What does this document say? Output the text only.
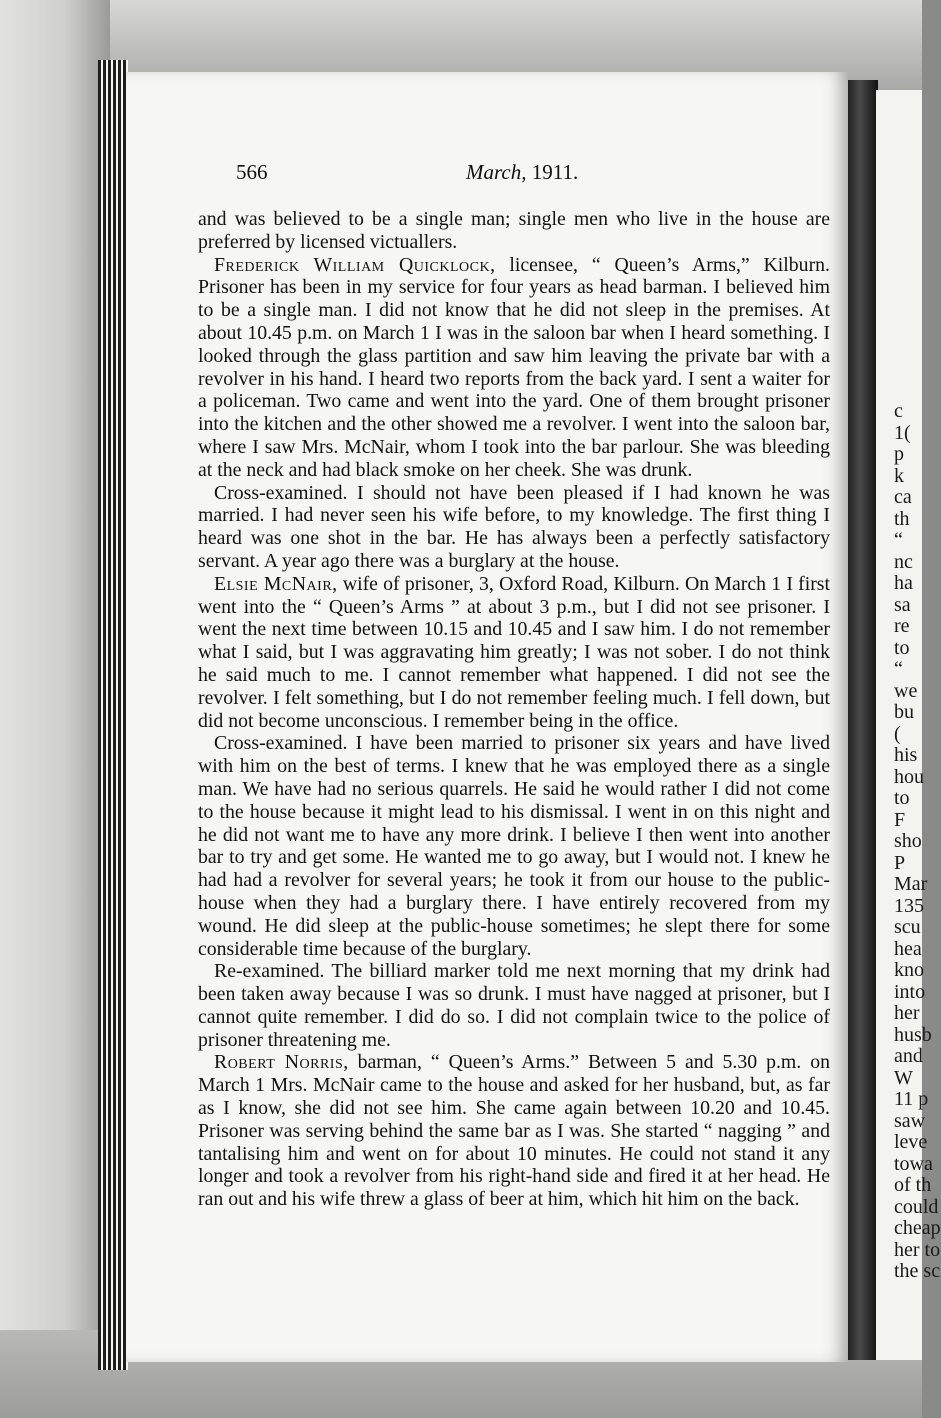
c
1(
p
k
ca
th
“
nc
ha
sa
re
to
“
we
bu
(
his
hou
to
F
sho
P
Mar
135
scu
hea
kno
into
her
husb
and
W
11 p
saw
leve
towa
of th
could
cheap
her to
the sc
566	March, 1911.

and was believed to be a single man; single men who live in the house are preferred by licensed victuallers.

Frederick William Quicklock, licensee, “ Queen’s Arms,” Kilburn. Prisoner has been in my service for four years as head barman. I believed him to be a single man. I did not know that he did not sleep in the premises. At about 10.45 p.m. on March 1 I was in the saloon bar when I heard something. I looked through the glass partition and saw him leaving the private bar with a revolver in his hand. I heard two reports from the back yard. I sent a waiter for a policeman. Two came and went into the yard. One of them brought prisoner into the kitchen and the other showed me a revolver. I went into the saloon bar, where I saw Mrs. McNair, whom I took into the bar parlour. She was bleeding at the neck and had black smoke on her cheek. She was drunk.

Cross-examined. I should not have been pleased if I had known he was married. I had never seen his wife before, to my knowledge. The first thing I heard was one shot in the bar. He has always been a perfectly satisfactory servant. A year ago there was a burglary at the house.

Elsie McNair, wife of prisoner, 3, Oxford Road, Kilburn. On March 1 I first went into the “ Queen’s Arms ” at about 3 p.m., but I did not see prisoner. I went the next time between 10.15 and 10.45 and I saw him. I do not remember what I said, but I was aggravating him greatly; I was not sober. I do not think he said much to me. I cannot remember what happened. I did not see the revolver. I felt something, but I do not remember feeling much. I fell down, but did not become unconscious. I remember being in the office.

Cross-examined. I have been married to prisoner six years and have lived with him on the best of terms. I knew that he was employed there as a single man. We have had no serious quarrels. He said he would rather I did not come to the house because it might lead to his dismissal. I went in on this night and he did not want me to have any more drink. I believe I then went into another bar to try and get some. He wanted me to go away, but I would not. I knew he had had a revolver for several years; he took it from our house to the public-house when they had a burglary there. I have entirely recovered from my wound. He did sleep at the public-house sometimes; he slept there for some considerable time because of the burglary.

Re-examined. The billiard marker told me next morning that my drink had been taken away because I was so drunk. I must have nagged at prisoner, but I cannot quite remember. I did do so. I did not complain twice to the police of prisoner threatening me.

Robert Norris, barman, “ Queen’s Arms.” Between 5 and 5.30 p.m. on March 1 Mrs. McNair came to the house and asked for her husband, but, as far as I know, she did not see him. She came again between 10.20 and 10.45. Prisoner was serving behind the same bar as I was. She started “ nagging ” and tantalising him and went on for about 10 minutes. He could not stand it any longer and took a revolver from his right-hand side and fired it at her head. He ran out and his wife threw a glass of beer at him, which hit him on the back.
